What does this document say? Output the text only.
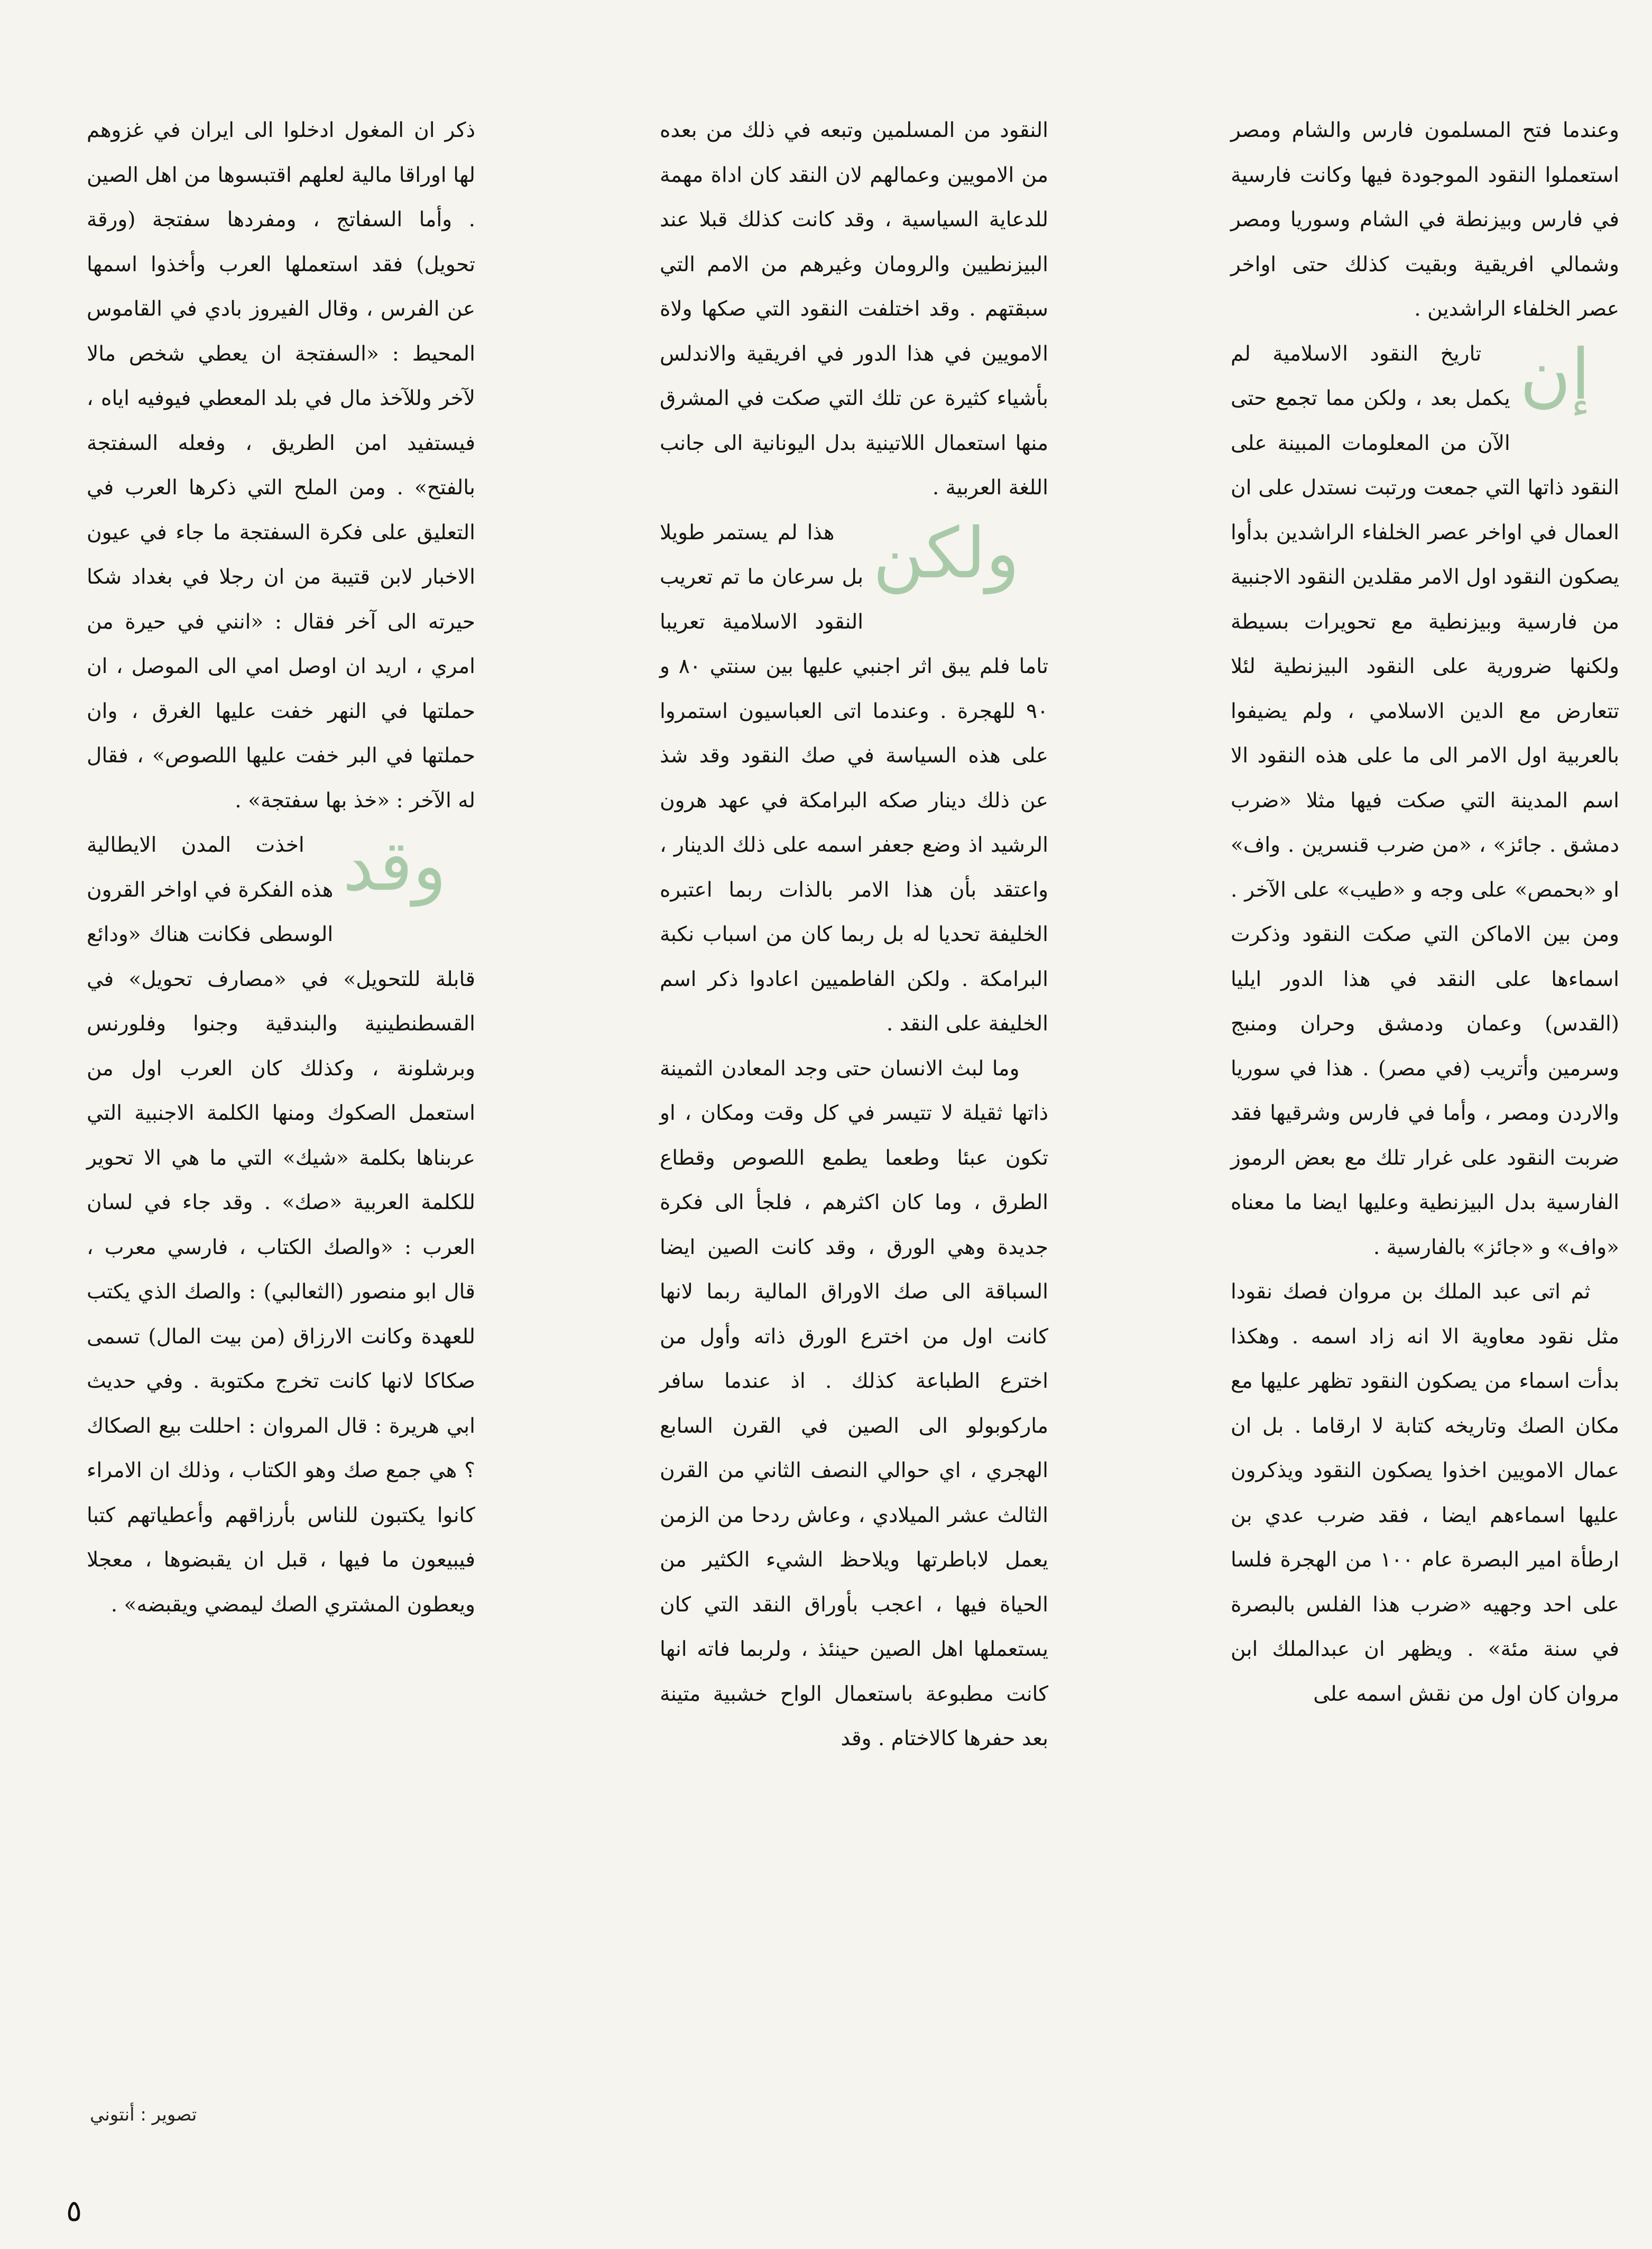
وعندما فتح المسلمون فارس والشام ومصر استعملوا النقود الموجودة فيها وكانت فارسية في فارس وبيزنطة في الشام وسوريا ومصر وشمالي افريقية وبقيت كذلك حتى اواخر عصر الخلفاء الراشدين .

إن
تاريخ النقود الاسلامية لم يكمل بعد ، ولكن مما تجمع حتى الآن من المعلومات المبينة على النقود ذاتها التي جمعت ورتبت نستدل على ان العمال في اواخر عصر الخلفاء الراشدين بدأوا يصكون النقود اول الامر مقلدين النقود الاجنبية من فارسية وبيزنطية مع تحويرات بسيطة ولكنها ضرورية على النقود البيزنطية لئلا تتعارض مع الدين الاسلامي ، ولم يضيفوا بالعربية اول الامر الى ما على هذه النقود الا اسم المدينة التي صكت فيها مثلا «ضرب دمشق . جائز» ، «من ضرب قنسرين . واف» او «بحمص» على وجه و «طيب» على الآخر . ومن بين الاماكن التي صكت النقود وذكرت اسماءها على النقد في هذا الدور ايليا (القدس) وعمان ودمشق وحران ومنبج وسرمين وأتريب (في مصر) . هذا في سوريا والاردن ومصر ، وأما في فارس وشرقيها فقد ضربت النقود على غرار تلك مع بعض الرموز الفارسية بدل البيزنطية وعليها ايضا ما معناه «واف» و «جائز» بالفارسية .

ثم اتى عبد الملك بن مروان فصك نقودا مثل نقود معاوية الا انه زاد اسمه . وهكذا بدأت اسماء من يصكون النقود تظهر عليها مع مكان الصك وتاريخه كتابة لا ارقاما . بل ان عمال الامويين اخذوا يصكون النقود ويذكرون عليها اسماءهم ايضا ، فقد ضرب عدي بن ارطأة امير البصرة عام ١٠٠ من الهجرة فلسا على احد وجهيه «ضرب هذا الفلس بالبصرة في سنة مئة» . ويظهر ان عبدالملك ابن مروان كان اول من نقش اسمه على

النقود من المسلمين وتبعه في ذلك من بعده من الامويين وعمالهم لان النقد كان اداة مهمة للدعاية السياسية ، وقد كانت كذلك قبلا عند البيزنطيين والرومان وغيرهم من الامم التي سبقتهم . وقد اختلفت النقود التي صكها ولاة الامويين في هذا الدور في افريقية والاندلس بأشياء كثيرة عن تلك التي صكت في المشرق منها استعمال اللاتينية بدل اليونانية الى جانب اللغة العربية .

ولكن
هذا لم يستمر طويلا بل سرعان ما تم تعريب النقود الاسلامية تعريبا تاما فلم يبق اثر اجنبي عليها بين سنتي ٨٠ و ٩٠ للهجرة . وعندما اتى العباسيون استمروا على هذه السياسة في صك النقود وقد شذ عن ذلك دينار صكه البرامكة في عهد هرون الرشيد اذ وضع جعفر اسمه على ذلك الدينار ، واعتقد بأن هذا الامر بالذات ربما اعتبره الخليفة تحديا له بل ربما كان من اسباب نكبة البرامكة . ولكن الفاطميين اعادوا ذكر اسم الخليفة على النقد .

وما لبث الانسان حتى وجد المعادن الثمينة ذاتها ثقيلة لا تتيسر في كل وقت ومكان ، او تكون عبئا وطعما يطمع اللصوص وقطاع الطرق ، وما كان اكثرهم ، فلجأ الى فكرة جديدة وهي الورق ، وقد كانت الصين ايضا السباقة الى صك الاوراق المالية ربما لانها كانت اول من اخترع الورق ذاته وأول من اخترع الطباعة كذلك . اذ عندما سافر ماركوبولو الى الصين في القرن السابع الهجري ، اي حوالي النصف الثاني من القرن الثالث عشر الميلادي ، وعاش ردحا من الزمن يعمل لاباطرتها ويلاحظ الشيء الكثير من الحياة فيها ، اعجب بأوراق النقد التي كان يستعملها اهل الصين حينئذ ، ولربما فاته انها كانت مطبوعة باستعمال الواح خشبية متينة بعد حفرها كالاختام . وقد

ذكر ان المغول ادخلوا الى ايران في غزوهم لها اوراقا مالية لعلهم اقتبسوها من اهل الصين . وأما السفاتج ، ومفردها سفتجة (ورقة تحويل) فقد استعملها العرب وأخذوا اسمها عن الفرس ، وقال الفيروز بادي في القاموس المحيط : «السفتجة ان يعطي شخص مالا لآخر وللآخذ مال في بلد المعطي فيوفيه اياه ، فيستفيد امن الطريق ، وفعله السفتجة بالفتح» . ومن الملح التي ذكرها العرب في التعليق على فكرة السفتجة ما جاء في عيون الاخبار لابن قتيبة من ان رجلا في بغداد شكا حيرته الى آخر فقال : «انني في حيرة من امري ، اريد ان اوصل امي الى الموصل ، ان حملتها في النهر خفت عليها الغرق ، وان حملتها في البر خفت عليها اللصوص» ، فقال له الآخر : «خذ بها سفتجة» .

وقد
اخذت المدن الايطالية هذه الفكرة في اواخر القرون الوسطى فكانت هناك «ودائع قابلة للتحويل» في «مصارف تحويل» في القسطنطينية والبندقية وجنوا وفلورنس وبرشلونة ، وكذلك كان العرب اول من استعمل الصكوك ومنها الكلمة الاجنبية التي عربناها بكلمة «شيك» التي ما هي الا تحوير للكلمة العربية «صك» . وقد جاء في لسان العرب : «والصك الكتاب ، فارسي معرب ، قال ابو منصور (الثعالبي) : والصك الذي يكتب للعهدة وكانت الارزاق (من بيت المال) تسمى صكاكا لانها كانت تخرج مكتوبة . وفي حديث ابي هريرة : قال المروان : احللت بيع الصكاك ؟ هي جمع صك وهو الكتاب ، وذلك ان الامراء كانوا يكتبون للناس بأرزاقهم وأعطياتهم كتبا فيبيعون ما فيها ، قبل ان يقبضوها ، معجلا ويعطون المشتري الصك ليمضي ويقبضه» .

تصوير : أنتوني
٥
